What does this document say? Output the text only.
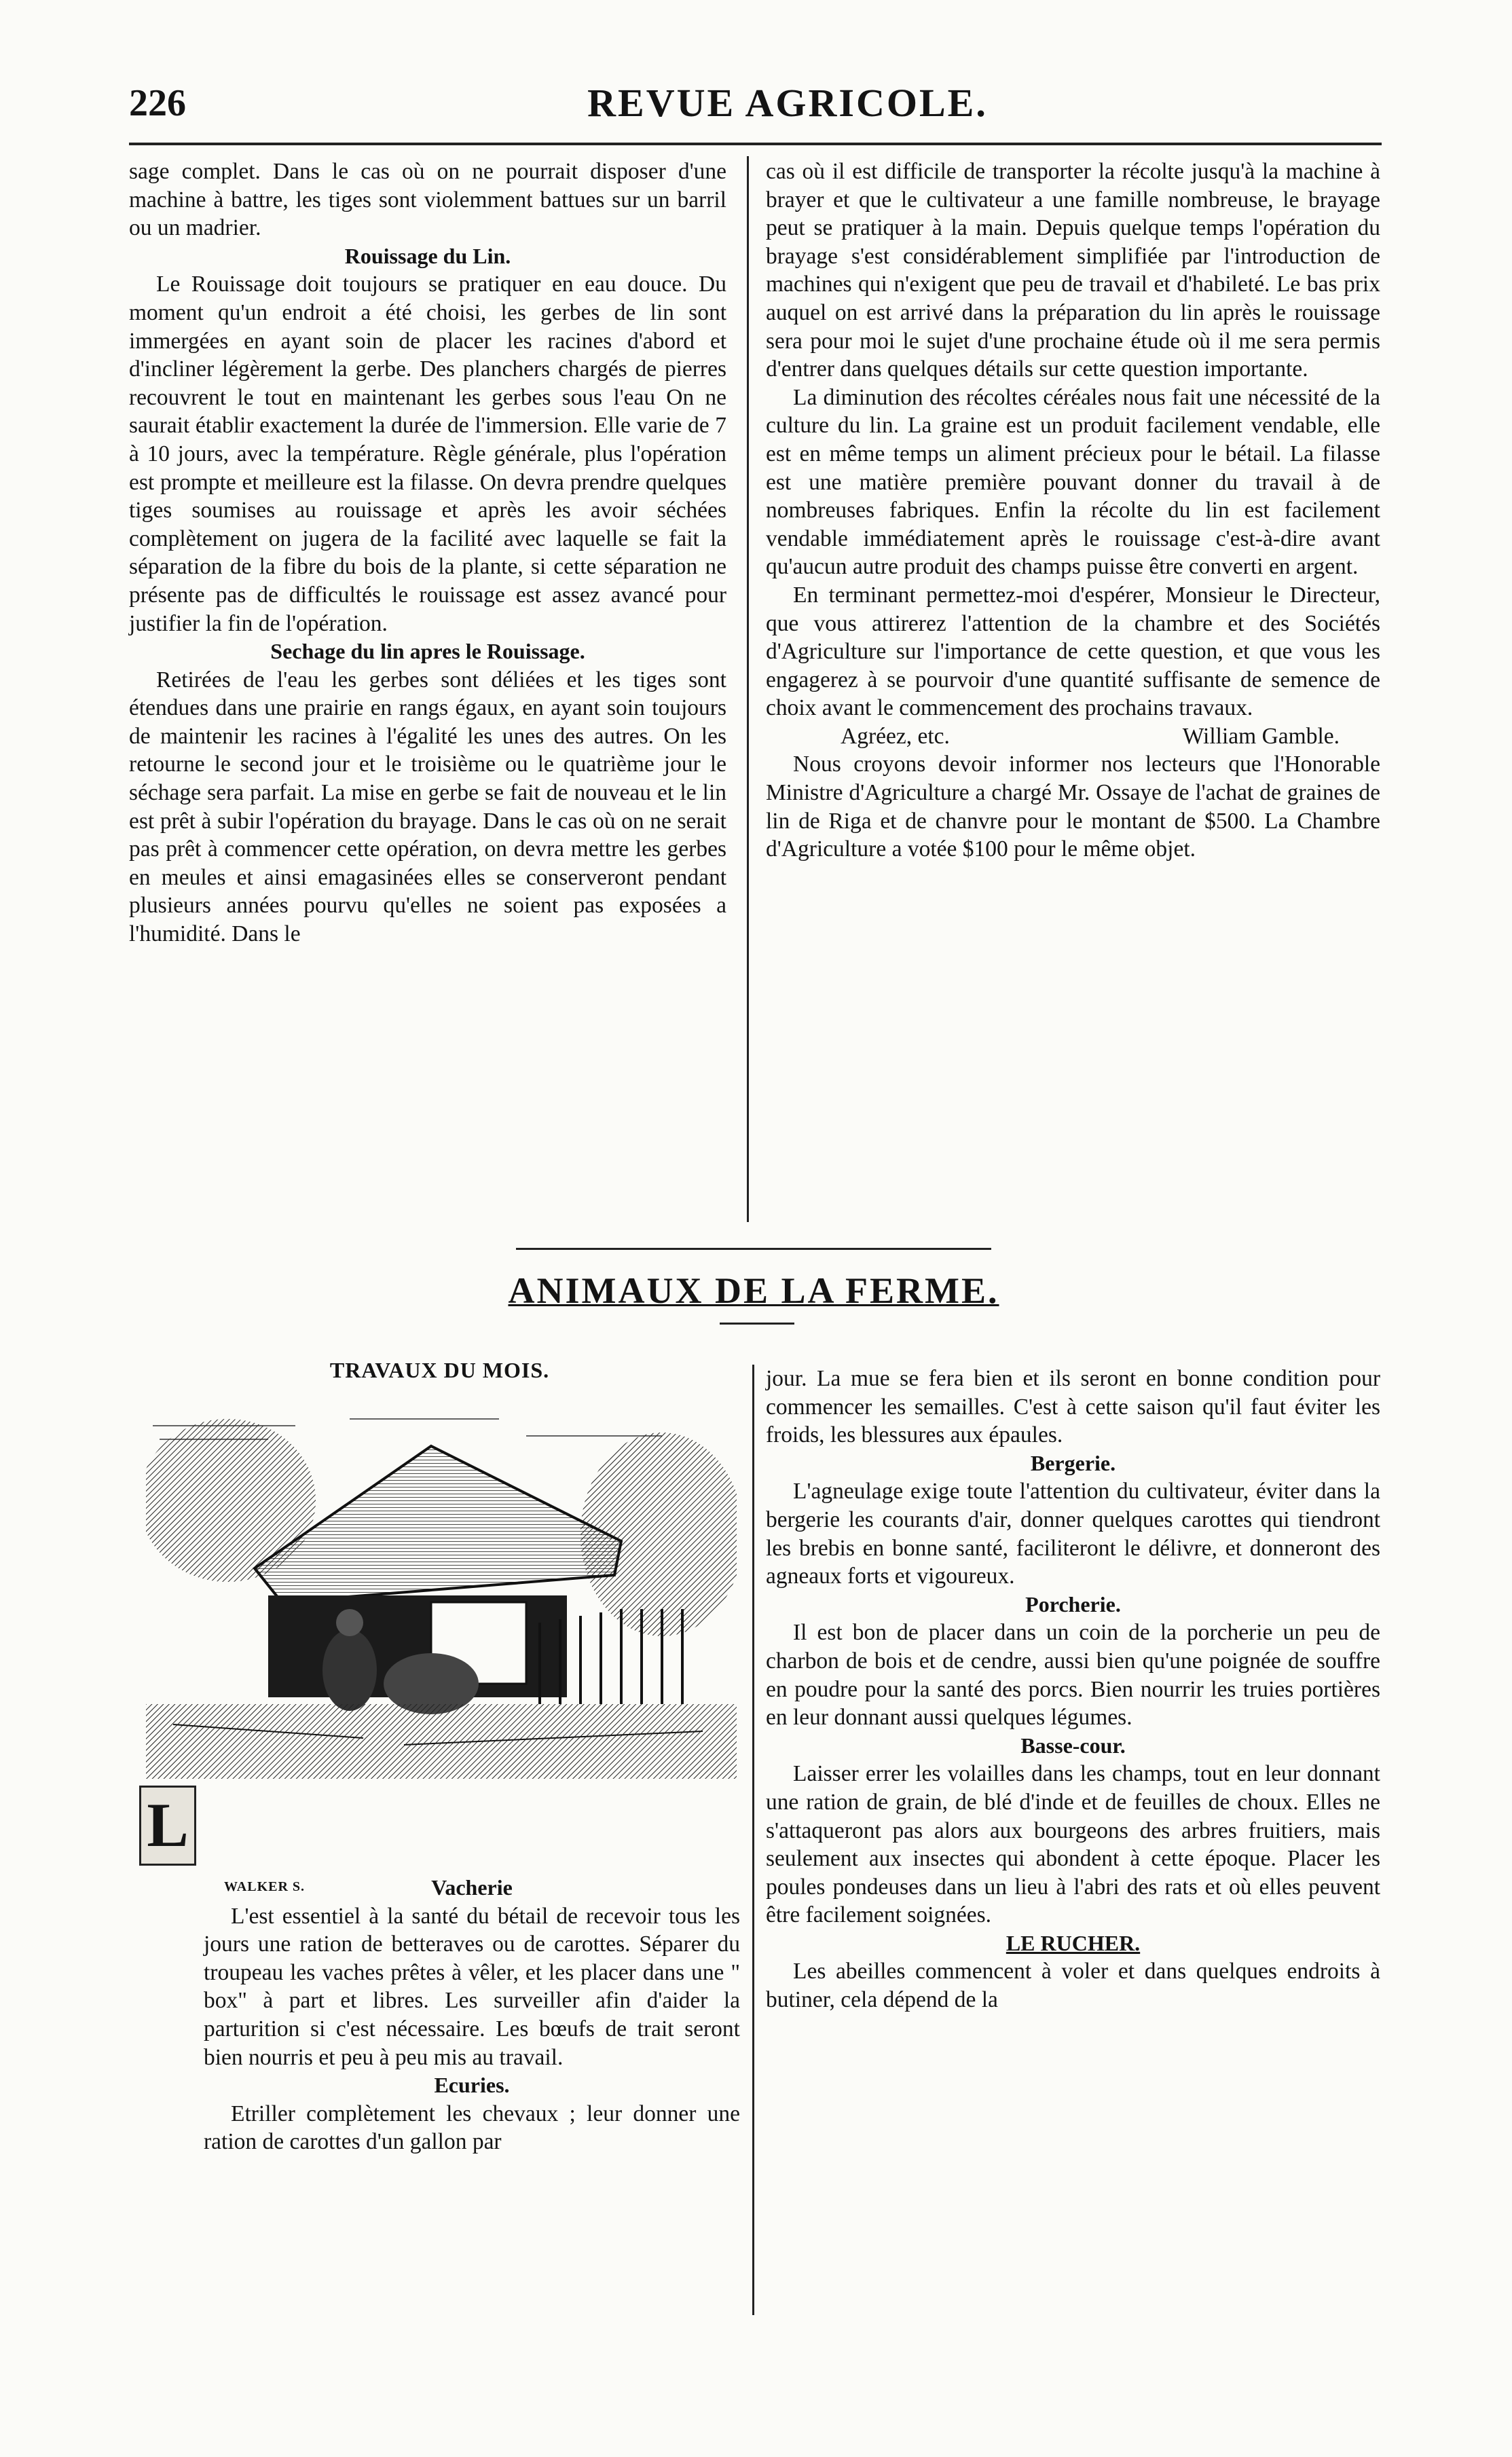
226	REVUE AGRICOLE.

sage complet. Dans le cas où on ne pourrait disposer d'une machine à battre, les tiges sont violemment battues sur un barril ou un madrier.

Rouissage du Lin.

Le Rouissage doit toujours se pratiquer en eau douce. Du moment qu'un endroit a été choisi, les gerbes de lin sont immergées en ayant soin de placer les racines d'abord et d'incliner légèrement la gerbe. Des planchers chargés de pierres recouvrent le tout en maintenant les gerbes sous l'eau On ne saurait établir exactement la durée de l'immersion. Elle varie de 7 à 10 jours, avec la température. Règle générale, plus l'opération est prompte et meilleure est la filasse. On devra prendre quelques tiges soumises au rouissage et après les avoir séchées complètement on jugera de la facilité avec laquelle se fait la séparation de la fibre du bois de la plante, si cette séparation ne présente pas de difficultés le rouissage est assez avancé pour justifier la fin de l'opération.

Sechage du lin apres le Rouissage.

Retirées de l'eau les gerbes sont déliées et les tiges sont étendues dans une prairie en rangs égaux, en ayant soin toujours de maintenir les racines à l'égalité les unes des autres. On les retourne le second jour et le troisième ou le quatrième jour le séchage sera parfait. La mise en gerbe se fait de nouveau et le lin est prêt à subir l'opération du brayage. Dans le cas où on ne serait pas prêt à commencer cette opération, on devra mettre les gerbes en meules et ainsi emagasinées elles se conserveront pendant plusieurs années pourvu qu'elles ne soient pas exposées a l'humidité. Dans le

cas où il est difficile de transporter la récolte jusqu'à la machine à brayer et que le cultivateur a une famille nombreuse, le brayage peut se pratiquer à la main. Depuis quelque temps l'opération du brayage s'est considérablement simplifiée par l'introduction de machines qui n'exigent que peu de travail et d'habileté. Le bas prix auquel on est arrivé dans la préparation du lin après le rouissage sera pour moi le sujet d'une prochaine étude où il me sera permis d'entrer dans quelques détails sur cette question importante.

La diminution des récoltes céréales nous fait une nécessité de la culture du lin. La graine est un produit facilement vendable, elle est en même temps un aliment précieux pour le bétail. La filasse est une matière première pouvant donner du travail à de nombreuses fabriques. Enfin la récolte du lin est facilement vendable immédiatement après le rouissage c'est-à-dire avant qu'aucun autre produit des champs puisse être converti en argent.

En terminant permettez-moi d'espérer, Monsieur le Directeur, que vous attirerez l'attention de la chambre et des Sociétés d'Agriculture sur l'importance de cette question, et que vous les engagerez à se pourvoir d'une quantité suffisante de semence de choix avant le commencement des prochains travaux.

Agréez, etc.	William Gamble.

Nous croyons devoir informer nos lecteurs que l'Honorable Ministre d'Agriculture a chargé Mr. Ossaye de l'achat de graines de lin de Riga et de chanvre pour le montant de $500. La Chambre d'Agriculture a votée $100 pour le même objet.

ANIMAUX DE LA FERME.
TRAVAUX DU MOIS.
L
WALKER S.	Vacherie

L'est essentiel à la santé du bétail de recevoir tous les jours une ration de betteraves ou de carottes. Séparer du troupeau les vaches prêtes à vêler, et les placer dans une " box" à part et libres. Les surveiller afin d'aider la parturition si c'est nécessaire. Les bœufs de trait seront bien nourris et peu à peu mis au travail.

Ecuries.

Etriller complètement les chevaux ; leur donner une ration de carottes d'un gallon par

jour. La mue se fera bien et ils seront en bonne condition pour commencer les semailles. C'est à cette saison qu'il faut éviter les froids, les blessures aux épaules.

Bergerie.

L'agneulage exige toute l'attention du cultivateur, éviter dans la bergerie les courants d'air, donner quelques carottes qui tiendront les brebis en bonne santé, faciliteront le délivre, et donneront des agneaux forts et vigoureux.

Porcherie.

Il est bon de placer dans un coin de la porcherie un peu de charbon de bois et de cendre, aussi bien qu'une poignée de souffre en poudre pour la santé des porcs. Bien nourrir les truies portières en leur donnant aussi quelques légumes.

Basse-cour.

Laisser errer les volailles dans les champs, tout en leur donnant une ration de grain, de blé d'inde et de feuilles de choux. Elles ne s'attaqueront pas alors aux bourgeons des arbres fruitiers, mais seulement aux insectes qui abondent à cette époque. Placer les poules pondeuses dans un lieu à l'abri des rats et où elles peuvent être facilement soignées.

LE RUCHER.

Les abeilles commencent à voler et dans quelques endroits à butiner, cela dépend de la
